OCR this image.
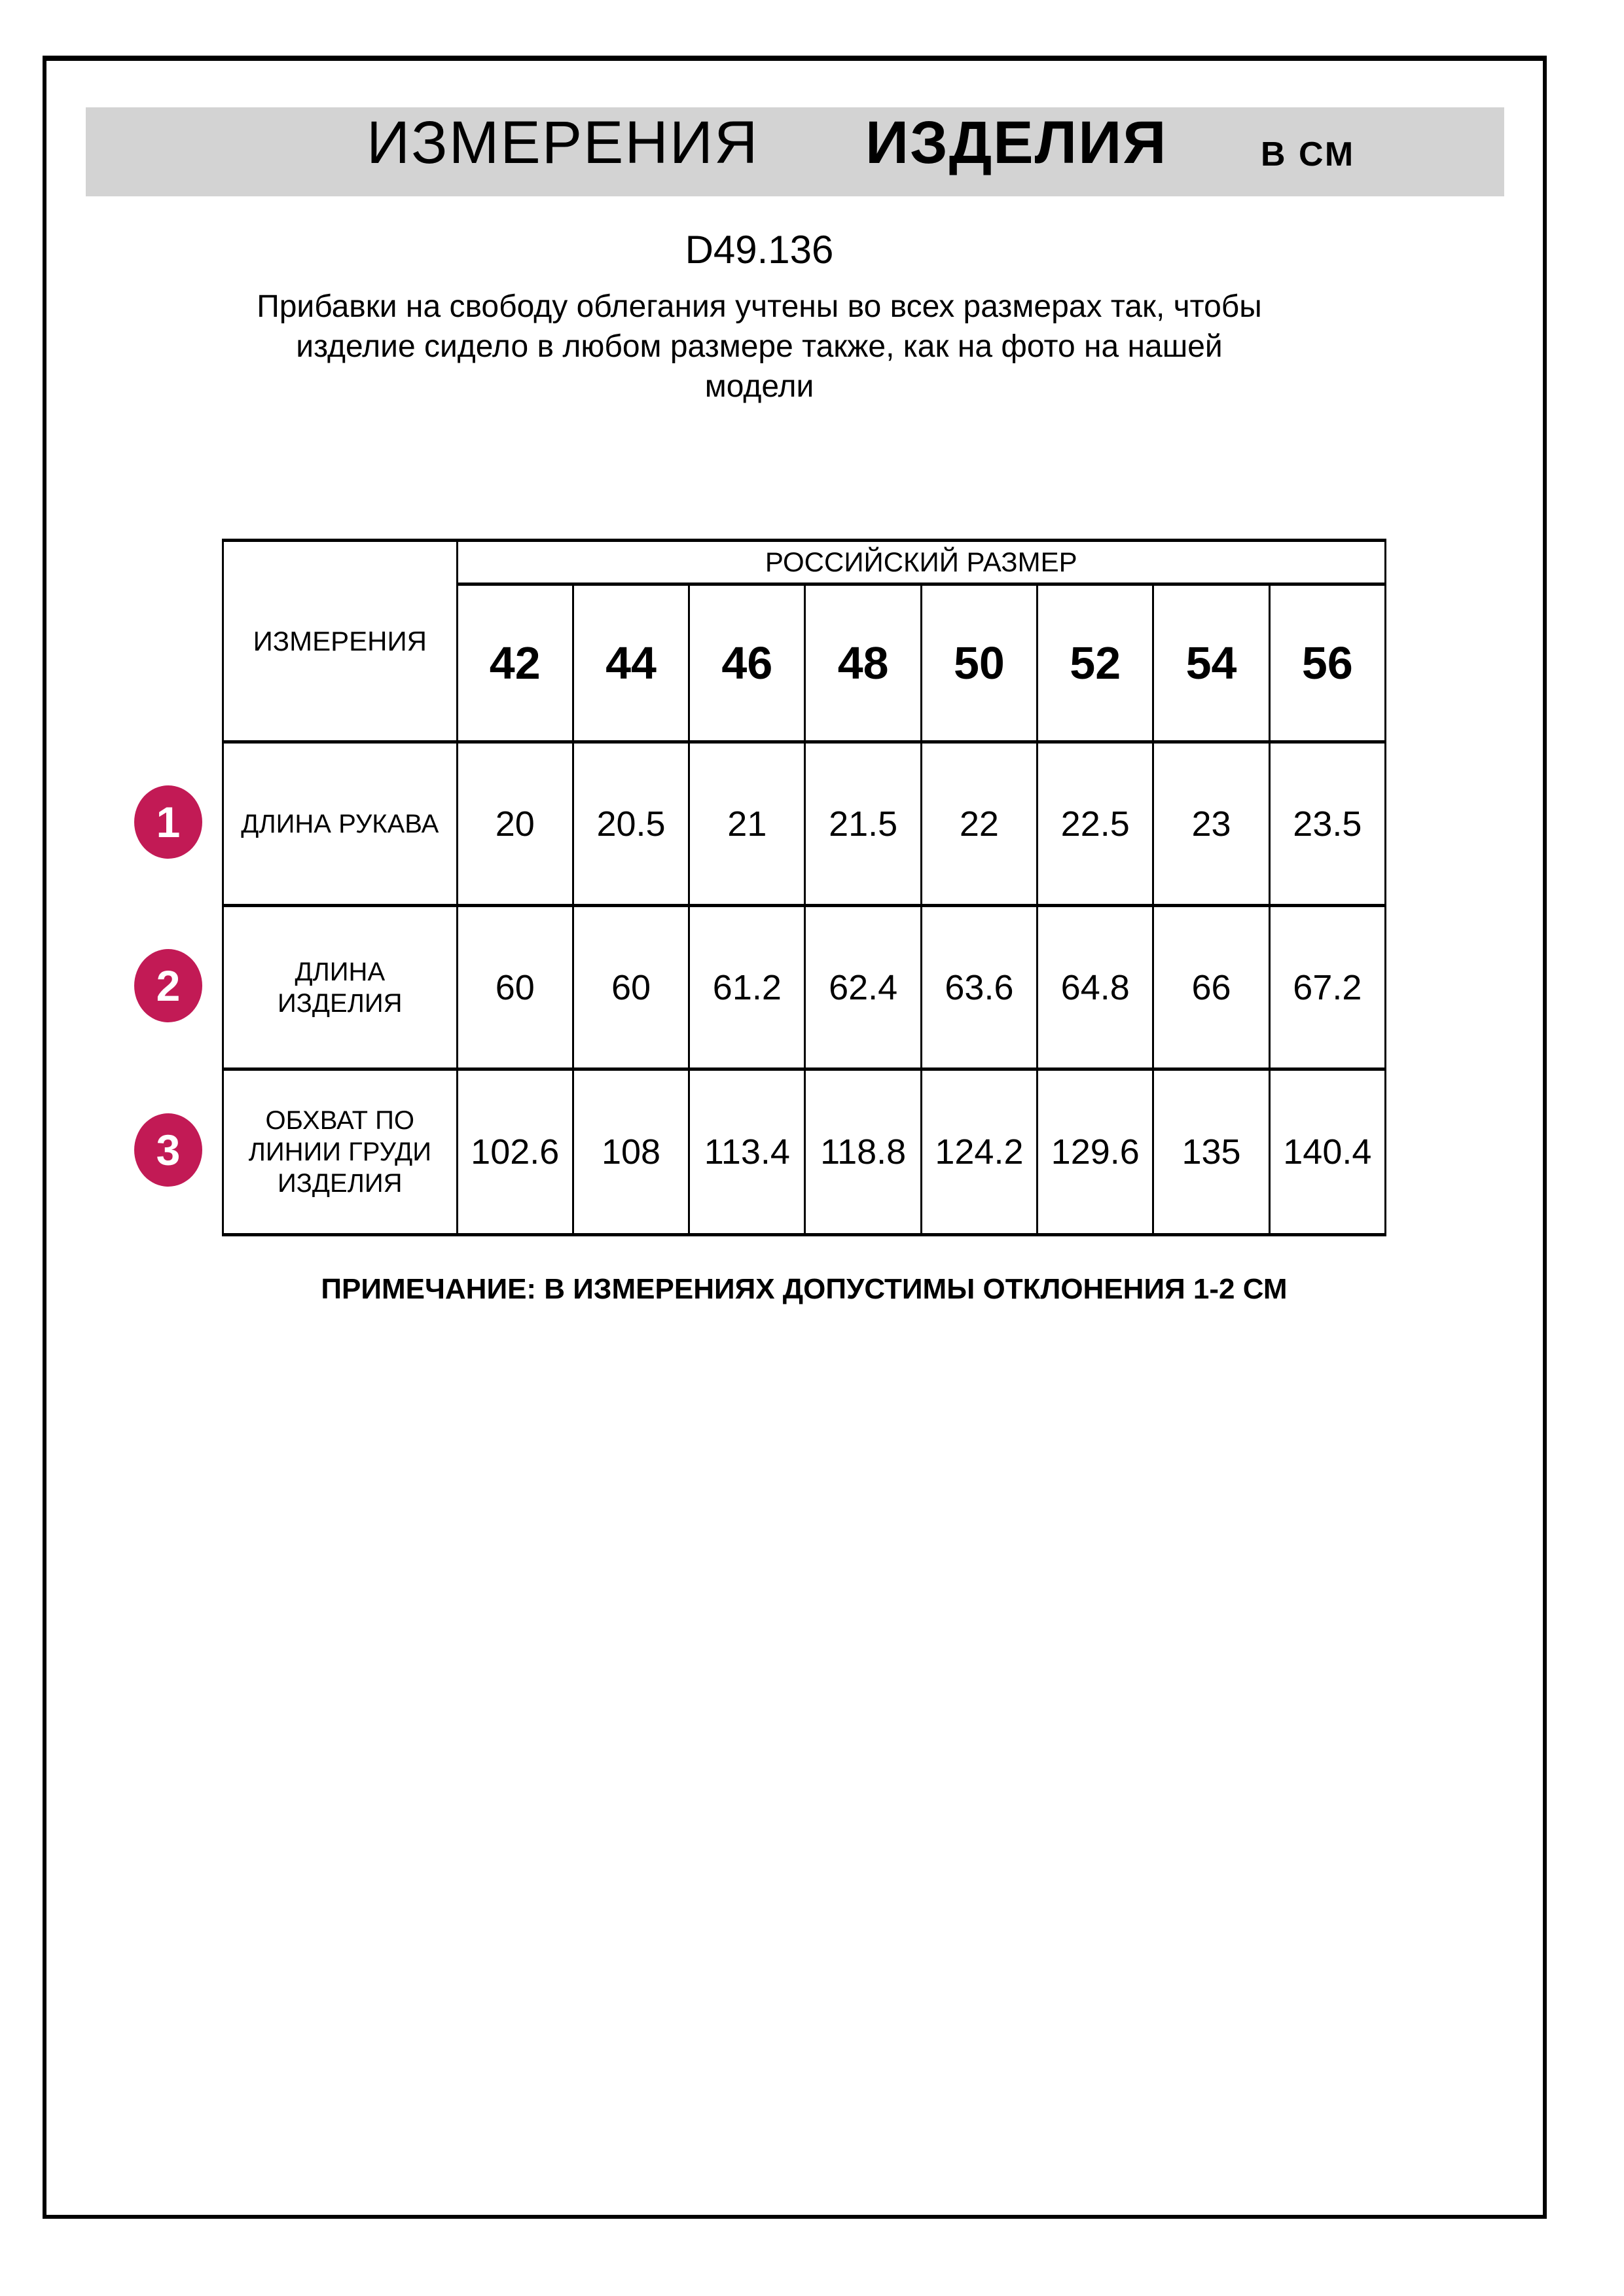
ИЗМЕРЕНИЯ ИЗДЕЛИЯ	В СМ
D49.136
Прибавки на свободу облегания учтены во всех размерах так, чтобы
изделие сидело в любом размере также, как на фото на нашей
модели
ИЗМЕРЕНИЯ	РОССИЙСКИЙ РАЗМЕР							
	42	44	46	48	50	52	54	56

ДЛИНА РУКАВА	20	20.5	21	21.5	22	22.5	23	23.5

ДЛИНА
ИЗДЕЛИЯ	60	60	61.2	62.4	63.6	64.8	66	67.2

ОБХВАТ ПО
ЛИНИИ ГРУДИ
ИЗДЕЛИЯ	102.6	108	113.4	118.8	124.2	129.6	135	140.4
1
2
3
ПРИМЕЧАНИЕ: В ИЗМЕРЕНИЯХ ДОПУСТИМЫ ОТКЛОНЕНИЯ 1-2 СМ
